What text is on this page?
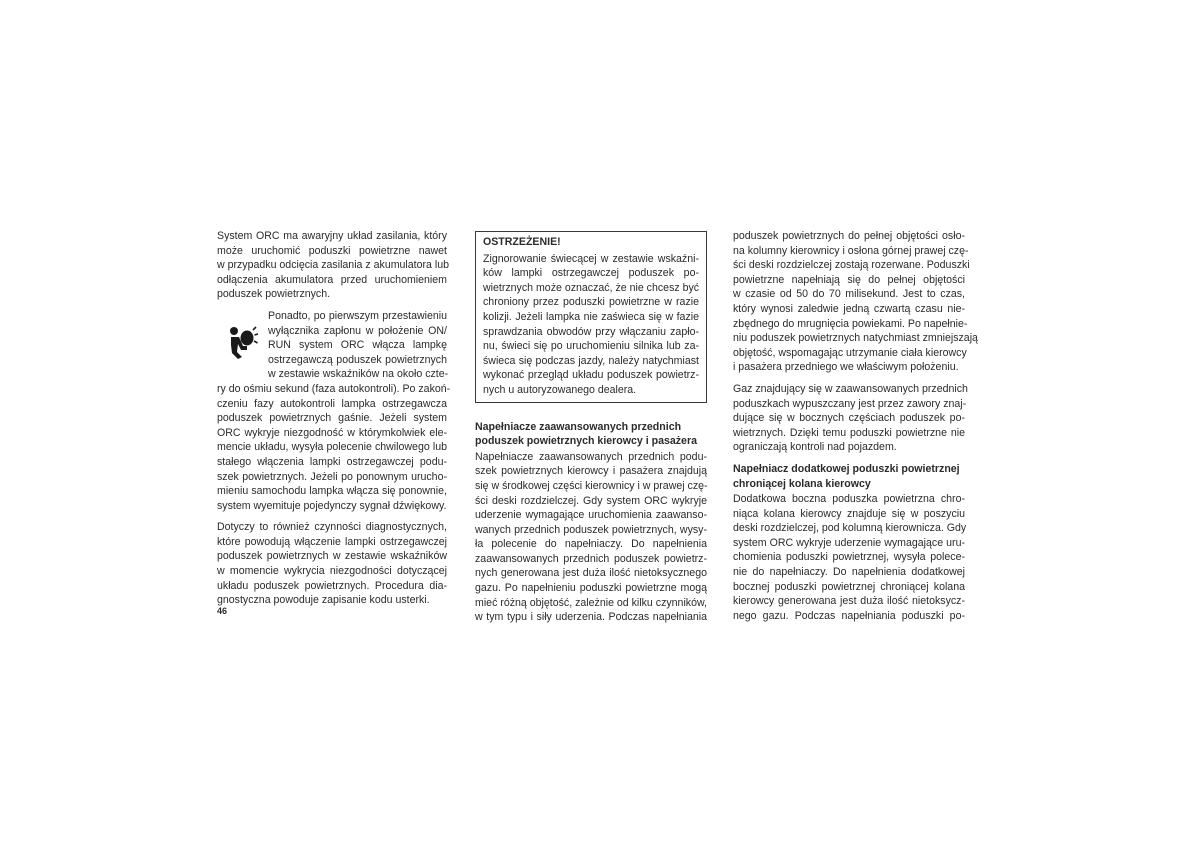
System ORC ma awaryjny układ zasilania, który
może uruchomić poduszki powietrzne nawet
w przypadku odcięcia zasilania z akumulatora lub
odłączenia akumulatora przed uruchomieniem
poduszek powietrznych.

Ponadto, po pierwszym przestawieniu
wyłącznika zapłonu w położenie ON/
RUN system ORC włącza lampkę
ostrzegawczą poduszek powietrznych
w zestawie wskaźników na około czte-
ry do ośmiu sekund (faza autokontroli). Po zakoń-
czeniu fazy autokontroli lampka ostrzegawcza
poduszek powietrznych gaśnie. Jeżeli system
ORC wykryje niezgodność w którymkolwiek ele-
mencie układu, wysyła polecenie chwilowego lub
stałego włączenia lampki ostrzegawczej podu-
szek powietrznych. Jeżeli po ponownym urucho-
mieniu samochodu lampka włącza się ponownie,
system wyemituje pojedynczy sygnał dźwiękowy.

Dotyczy to również czynności diagnostycznych,
które powodują włączenie lampki ostrzegawczej
poduszek powietrznych w zestawie wskaźników
w momencie wykrycia niezgodności dotyczącej
układu poduszek powietrznych. Procedura dia-
gnostyczna powoduje zapisanie kodu usterki.

OSTRZEŻENIE!
Zignorowanie świecącej w zestawie wskaźni-
ków lampki ostrzegawczej poduszek po-
wietrznych może oznaczać, że nie chcesz być
chroniony przez poduszki powietrzne w razie
kolizji. Jeżeli lampka nie zaświeca się w fazie
sprawdzania obwodów przy włączaniu zapło-
nu, świeci się po uruchomieniu silnika lub za-
świeca się podczas jazdy, należy natychmiast
wykonać przegląd układu poduszek powietrz-
nych u autoryzowanego dealera.
Napełniacze zaawansowanych przednich
poduszek powietrznych kierowcy i pasażera

Napełniacze zaawansowanych przednich podu-
szek powietrznych kierowcy i pasażera znajdują
się w środkowej części kierownicy i w prawej czę-
ści deski rozdzielczej. Gdy system ORC wykryje
uderzenie wymagające uruchomienia zaawanso-
wanych przednich poduszek powietrznych, wysy-
ła polecenie do napełniaczy. Do napełnienia
zaawansowanych przednich poduszek powietrz-
nych generowana jest duża ilość nietoksycznego
gazu. Po napełnieniu poduszki powietrzne mogą
mieć różną objętość, zależnie od kilku czynników,
w tym typu i siły uderzenia. Podczas napełniania

poduszek powietrznych do pełnej objętości osło-
na kolumny kierownicy i osłona górnej prawej czę-
ści deski rozdzielczej zostają rozerwane. Poduszki
powietrzne napełniają się do pełnej objętości
w czasie od 50 do 70 milisekund. Jest to czas,
który wynosi zaledwie jedną czwartą czasu nie-
zbędnego do mrugnięcia powiekami. Po napełnie-
niu poduszek powietrznych natychmiast zmniejszają
objętość, wspomagając utrzymanie ciała kierowcy
i pasażera przedniego we właściwym położeniu.

Gaz znajdujący się w zaawansowanych przednich
poduszkach wypuszczany jest przez zawory znaj-
dujące się w bocznych częściach poduszek po-
wietrznych. Dzięki temu poduszki powietrzne nie
ograniczają kontroli nad pojazdem.

Napełniacz dodatkowej poduszki powietrznej
chroniącej kolana kierowcy

Dodatkowa boczna poduszka powietrzna chro-
niąca kolana kierowcy znajduje się w poszyciu
deski rozdzielczej, pod kolumną kierownicza. Gdy
system ORC wykryje uderzenie wymagające uru-
chomienia poduszki powietrznej, wysyła polece-
nie do napełniaczy. Do napełnienia dodatkowej
bocznej poduszki powietrznej chroniącej kolana
kierowcy generowana jest duża ilość nietoksycz-
nego gazu. Podczas napełniania poduszki po-

46
